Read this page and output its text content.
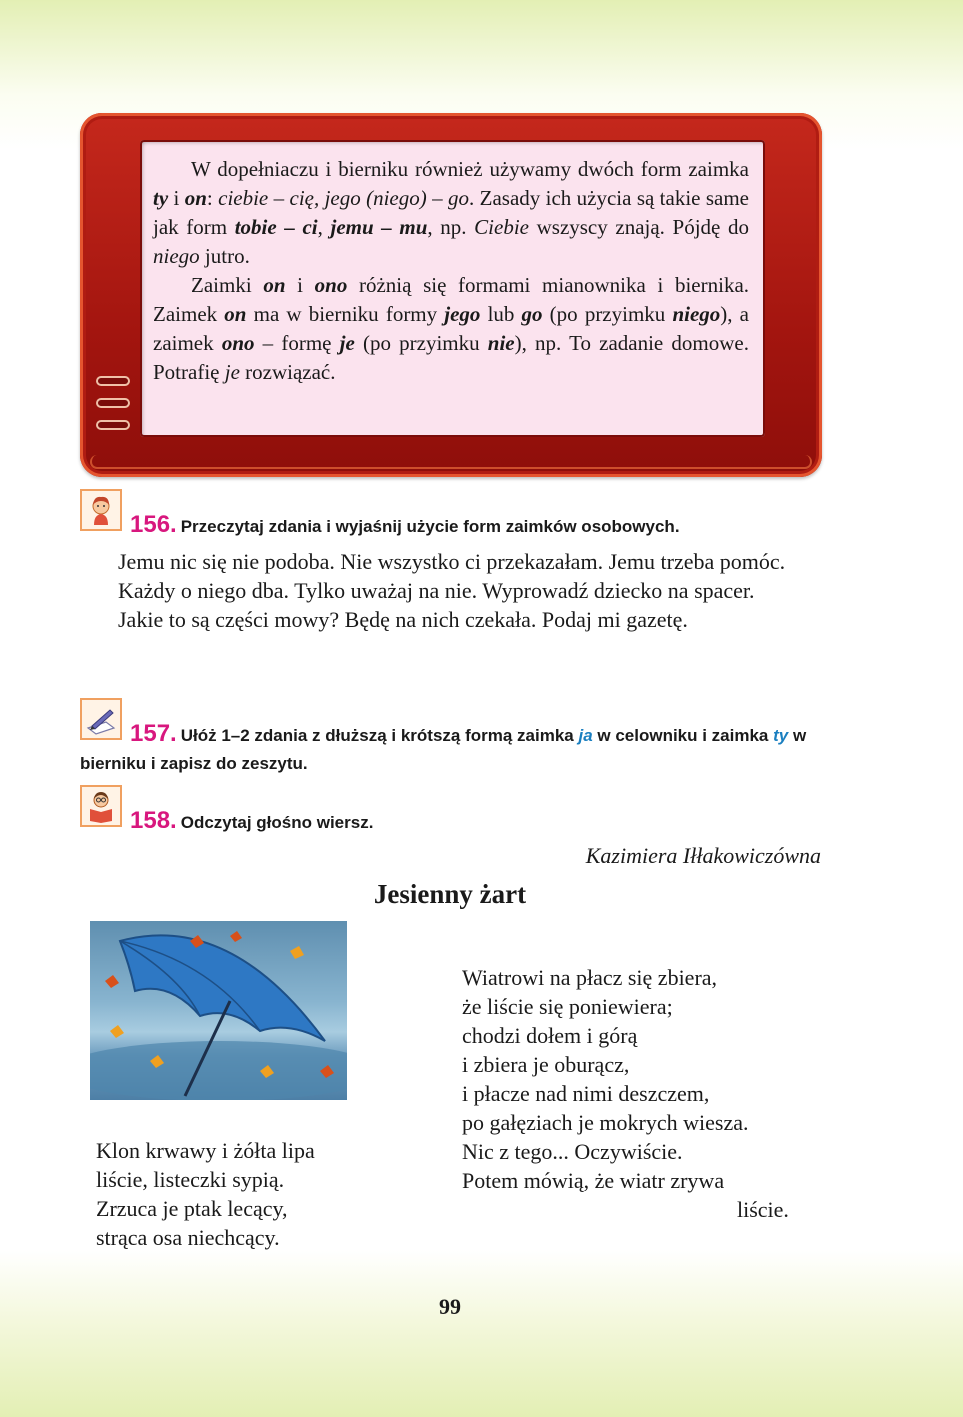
W dopełniaczu i bierniku również używamy dwóch form zaimka ty i on: ciebie – cię, jego (niego) – go. Zasady ich użycia są takie same jak form tobie – ci, jemu – mu, np. Ciebie wszyscy znają. Pójdę do niego jutro.

Zaimki on i ono różnią się formami mianownika i biernika. Zaimek on ma w bierniku formy jego lub go (po przyimku niego), a zaimek ono – formę je (po przyimku nie), np. To zadanie domowe. Potrafię je rozwiązać.

156. Przeczytaj zdania i wyjaśnij użycie form zaimków osobowych.
Jemu nic się nie podoba. Nie wszystko ci przekazałam. Jemu trzeba pomóc.
Każdy o niego dba. Tylko uważaj na nie. Wyprowadź dziecko na spacer.
Jakie to są części mowy? Będę na nich czekała. Podaj mi gazetę.
157. Ułóż 1–2 zdania z dłuższą i krótszą formą zaimka ja w celowniku i zaimka ty w bierniku i zapisz do zeszytu.
158. Odczytaj głośno wiersz.
Kazimiera Iłłakowiczówna
Jesienny żart
Wiatrowi na płacz się zbiera,
że liście się poniewiera;
chodzi dołem i górą
i zbiera je oburącz,
i płacze nad nimi deszczem,
po gałęziach je mokrych wiesza.
Nic z tego... Oczywiście.
Potem mówią, że wiatr zrywa
liście.
Klon krwawy i żółta lipa
liście, listeczki sypią.
Zrzuca je ptak lecący,
strąca osa niechcący.
99
